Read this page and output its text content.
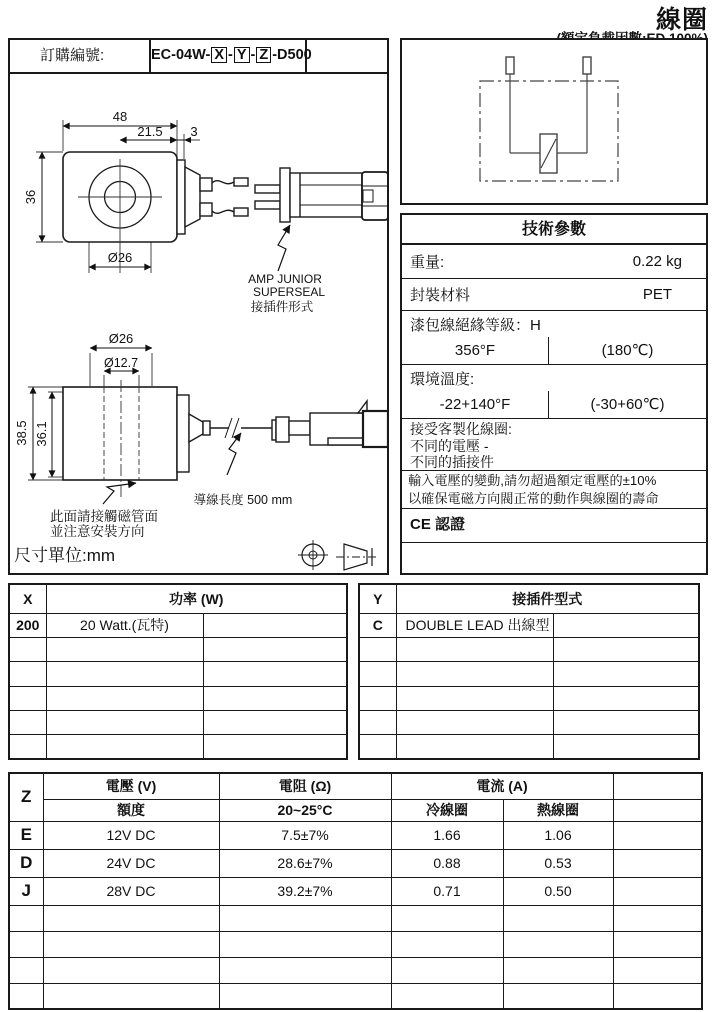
線圈
訂購編號:	EC-04W- X - Y - Z -D500
48
21.5 3
36
Ø26
AMP JUNIOR
SUPERSEAL
接插件形式
Ø26
Ø12.7
38.5 36.1
導線長度 500 mm
此面請接觸磁管面
並注意安裝方向
尺寸單位:mm
技術參數
重量:	0.22 kg
封裝材料	PET
漆包線絕緣等級：H
356°F	(180℃)
環境溫度:
-22+140°F	(-30+60℃)
接受客製化線圈:
不同的電壓 -
不同的插接件
輸入電壓的變動,請勿超過額定電壓的±10%
以確保電磁方向閥正常的動作與線圈的壽命
CE 認證
X	功率 (W)	
200	20 Watt.(瓦特)	

Y	接插件型式	
C	DOUBLE LEAD 出線型	

Z	電壓 (V)	電阻 (Ω)	電流 (A)		
	額度	20~25°C	冷線圈	熱線圈	
E	12V DC	7.5±7%	1.66	1.06	
D	24V DC	28.6±7%	0.88	0.53	
J	28V DC	39.2±7%	0.71	0.50	
